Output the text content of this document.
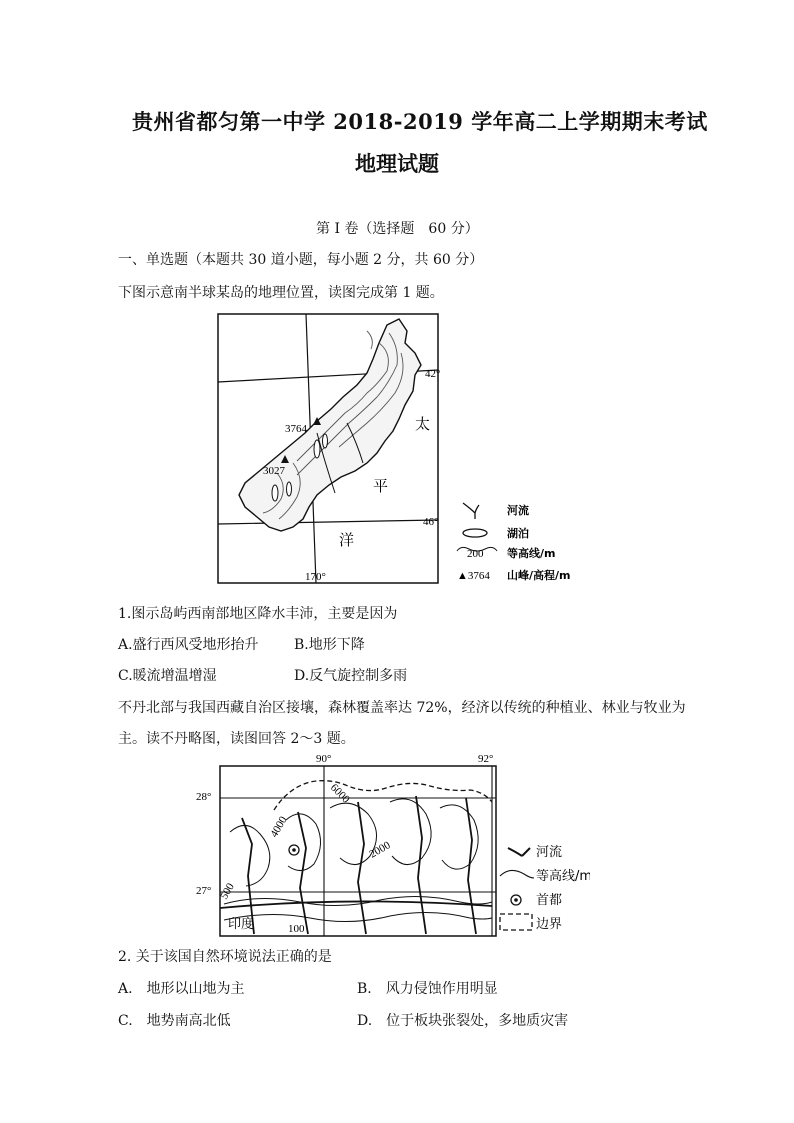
贵州省都匀第一中学 2018-2019 学年高二上学期期末考试
地理试题
第 I 卷（选择题　60 分）
一、单选题（本题共 30 道小题，每小题 2 分，共 60 分）
下图示意南半球某岛的地理位置，读图完成第 1 题。
3764
3027
42°
46°
170°
太
平
洋
河流
湖泊
200 等高线/m
▲3764 山峰/高程/m
1.图示岛屿西南部地区降水丰沛，主要是因为
A.盛行西风受地形抬升	B.地形下降
C.暖流增温增湿	D.反气旋控制多雨
不丹北部与我国西藏自治区接壤，森林覆盖率达 72%，经济以传统的种植业、林业与牧业为
主。读不丹略图，读图回答 2～3 题。
90°	92°
28°
27°
6000
4000
2000
500
100
印度
河流
等高线/m
首都
边界
2. 关于该国自然环境说法正确的是
A.　地形以山地为主	B.　风力侵蚀作用明显
C.　地势南高北低	D.　位于板块张裂处，多地质灾害
